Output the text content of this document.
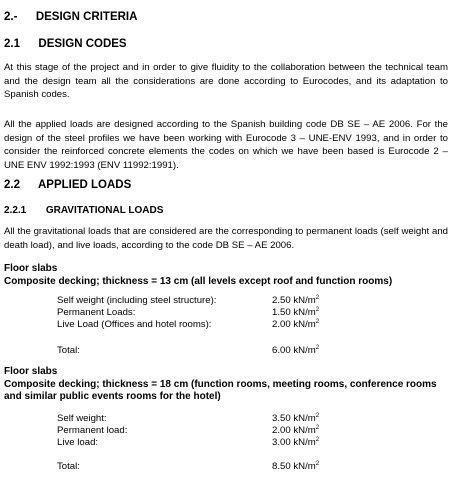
2.- DESIGN CRITERIA
2.1 DESIGN CODES
At this stage of the project and in order to give fluidity to the collaboration between the technical team and the design team all the considerations are done according to Eurocodes, and its adaptation to Spanish codes.
All the applied loads are designed according to the Spanish building code DB SE – AE 2006. For the design of the steel profiles we have been working with Eurocode 3 – UNE-ENV 1993, and in order to consider the reinforced concrete elements the codes on which we have been based is Eurocode 2 – UNE ENV 1992:1993 (ENV 11992:1991).
2.2 APPLIED LOADS
2.2.1 GRAVITATIONAL LOADS
All the gravitational loads that are considered are the corresponding to permanent loads (self weight and death load), and live loads, according to the code DB SE – AE 2006.
Floor slabs
Composite decking; thickness = 13 cm (all levels except roof and function rooms)
Self weight (including steel structure):	2.50 $kN/m^2$
Permanent Loads:	1.50 $kN/m^2$
Live Load (Offices and hotel rooms):	2.00 $kN/m^2$
Total:	6.00 $kN/m^2$
Floor slabs
Composite decking; thickness = 18 cm (function rooms, meeting rooms, conference rooms
and similar public events rooms for the hotel)
Self weight:	3.50 $kN/m^2$
Permanent load:	2.00 $kN/m^2$
Live load:	3.00 $kN/m^2$
Total:	8.50 $kN/m^2$
